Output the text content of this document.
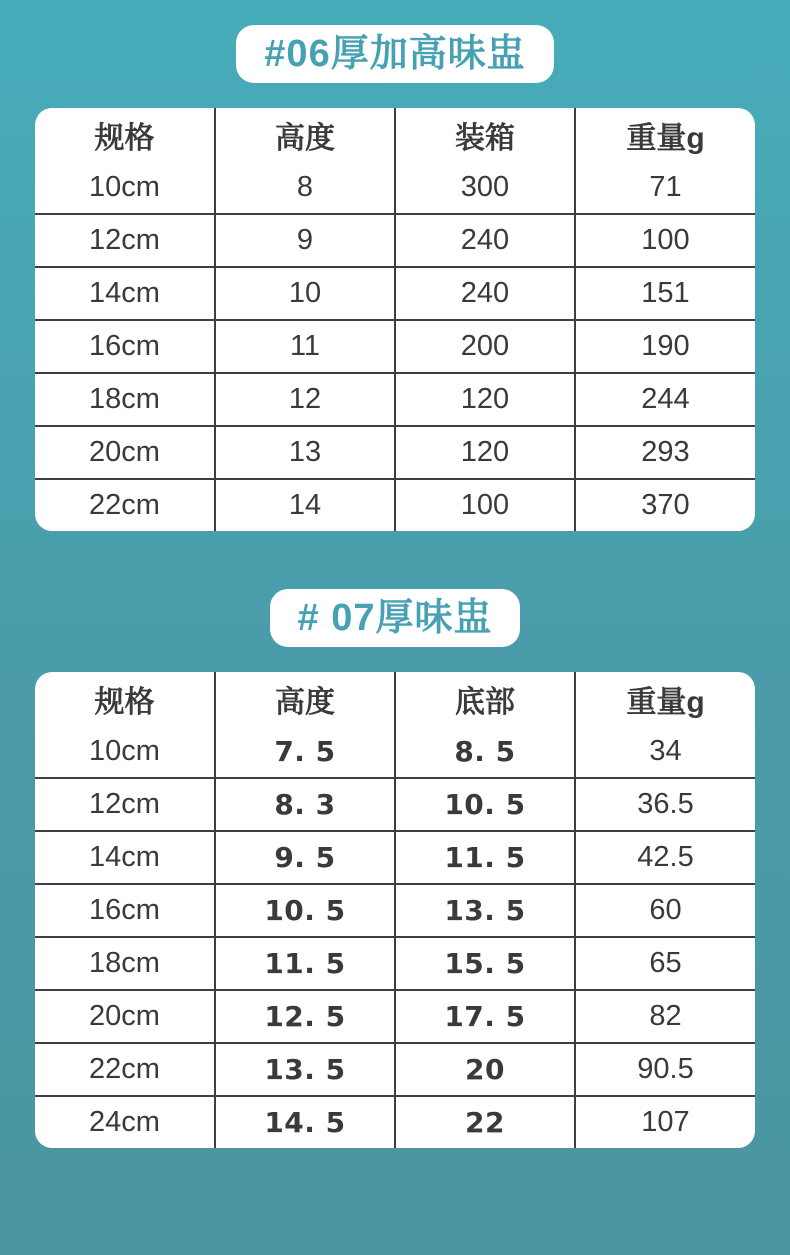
#06厚加高味盅
规格	高度	装箱	重量g
10cm	8	300	71
12cm	9	240	100
14cm	10	240	151
16cm	11	200	190
18cm	12	120	244
20cm	13	120	293
22cm	14	100	370
# 07厚味盅
规格	高度	底部	重量g
10cm	7. 5	8. 5	34
12cm	8. 3	10. 5	36.5
14cm	9. 5	11. 5	42.5
16cm	10. 5	13. 5	60
18cm	11. 5	15. 5	65
20cm	12. 5	17. 5	82
22cm	13. 5	20	90.5
24cm	14. 5	22	107
